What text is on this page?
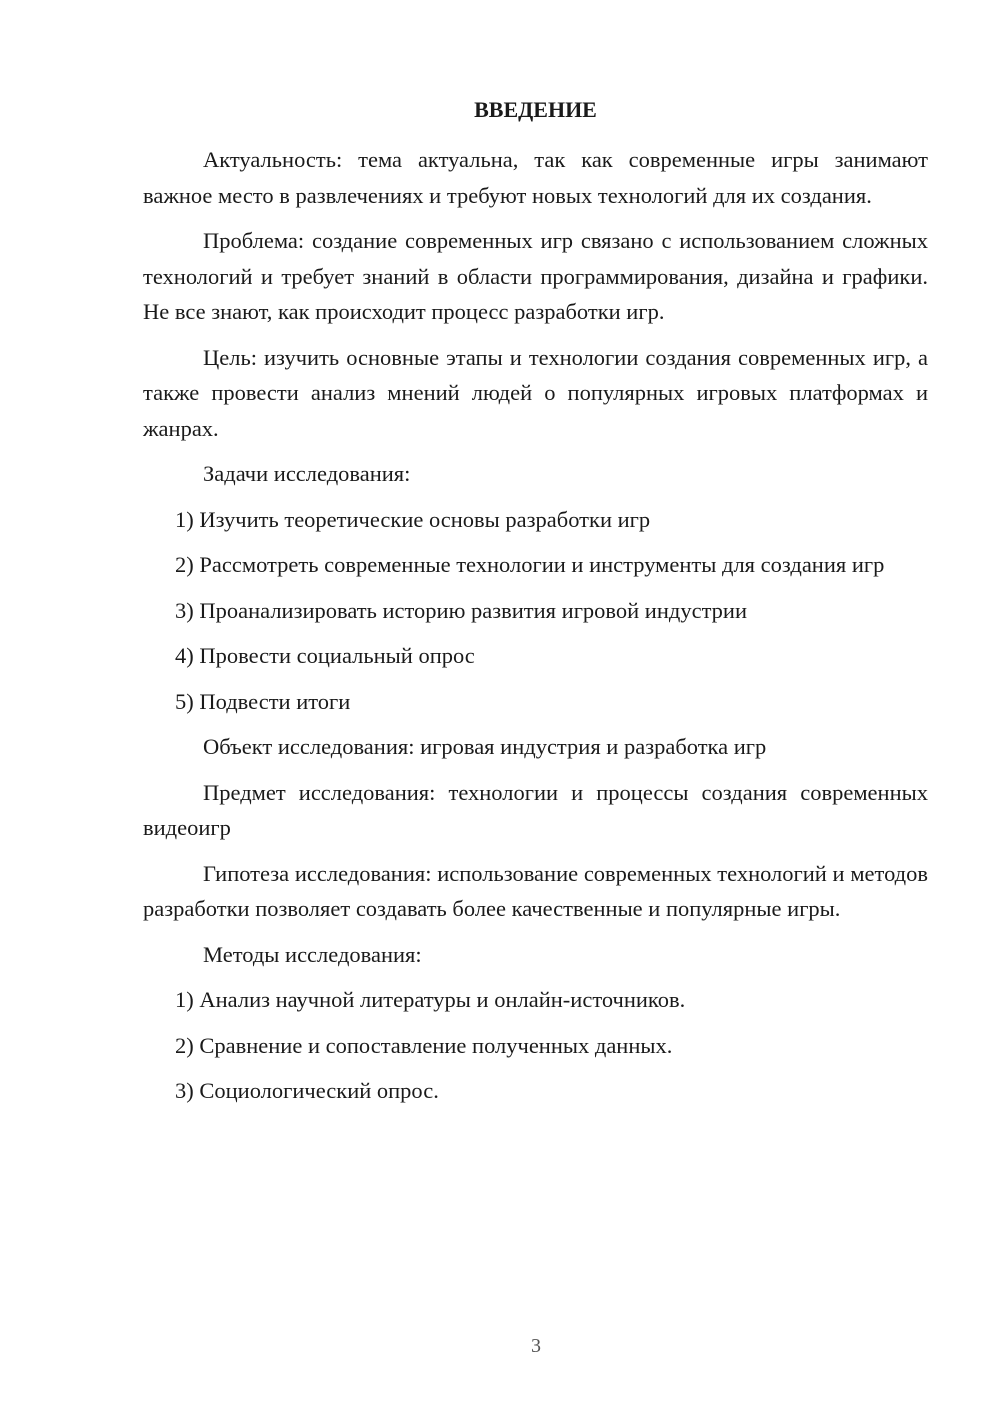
ВВЕДЕНИЕ

Актуальность: тема актуальна, так как современные игры занимают важное место в развлечениях и требуют новых технологий для их создания.

Проблема: создание современных игр связано с использованием сложных технологий и требует знаний в области программирования, дизайна и графики. Не все знают, как происходит процесс разработки игр.

Цель: изучить основные этапы и технологии создания современных игр, а также провести анализ мнений людей о популярных игровых платформах и жанрах.

Задачи исследования:

1) Изучить теоретические основы разработки игр

2) Рассмотреть современные технологии и инструменты для создания игр

3) Проанализировать историю развития игровой индустрии

4) Провести социальный опрос

5) Подвести итоги

Объект исследования: игровая индустрия и разработка игр

Предмет исследования: технологии и процессы создания современных видеоигр

Гипотеза исследования: использование современных технологий и методов разработки позволяет создавать более качественные и популярные игры.

Методы исследования:

1) Анализ научной литературы и онлайн-источников.

2) Сравнение и сопоставление полученных данных.

3) Социологический опрос.

3
